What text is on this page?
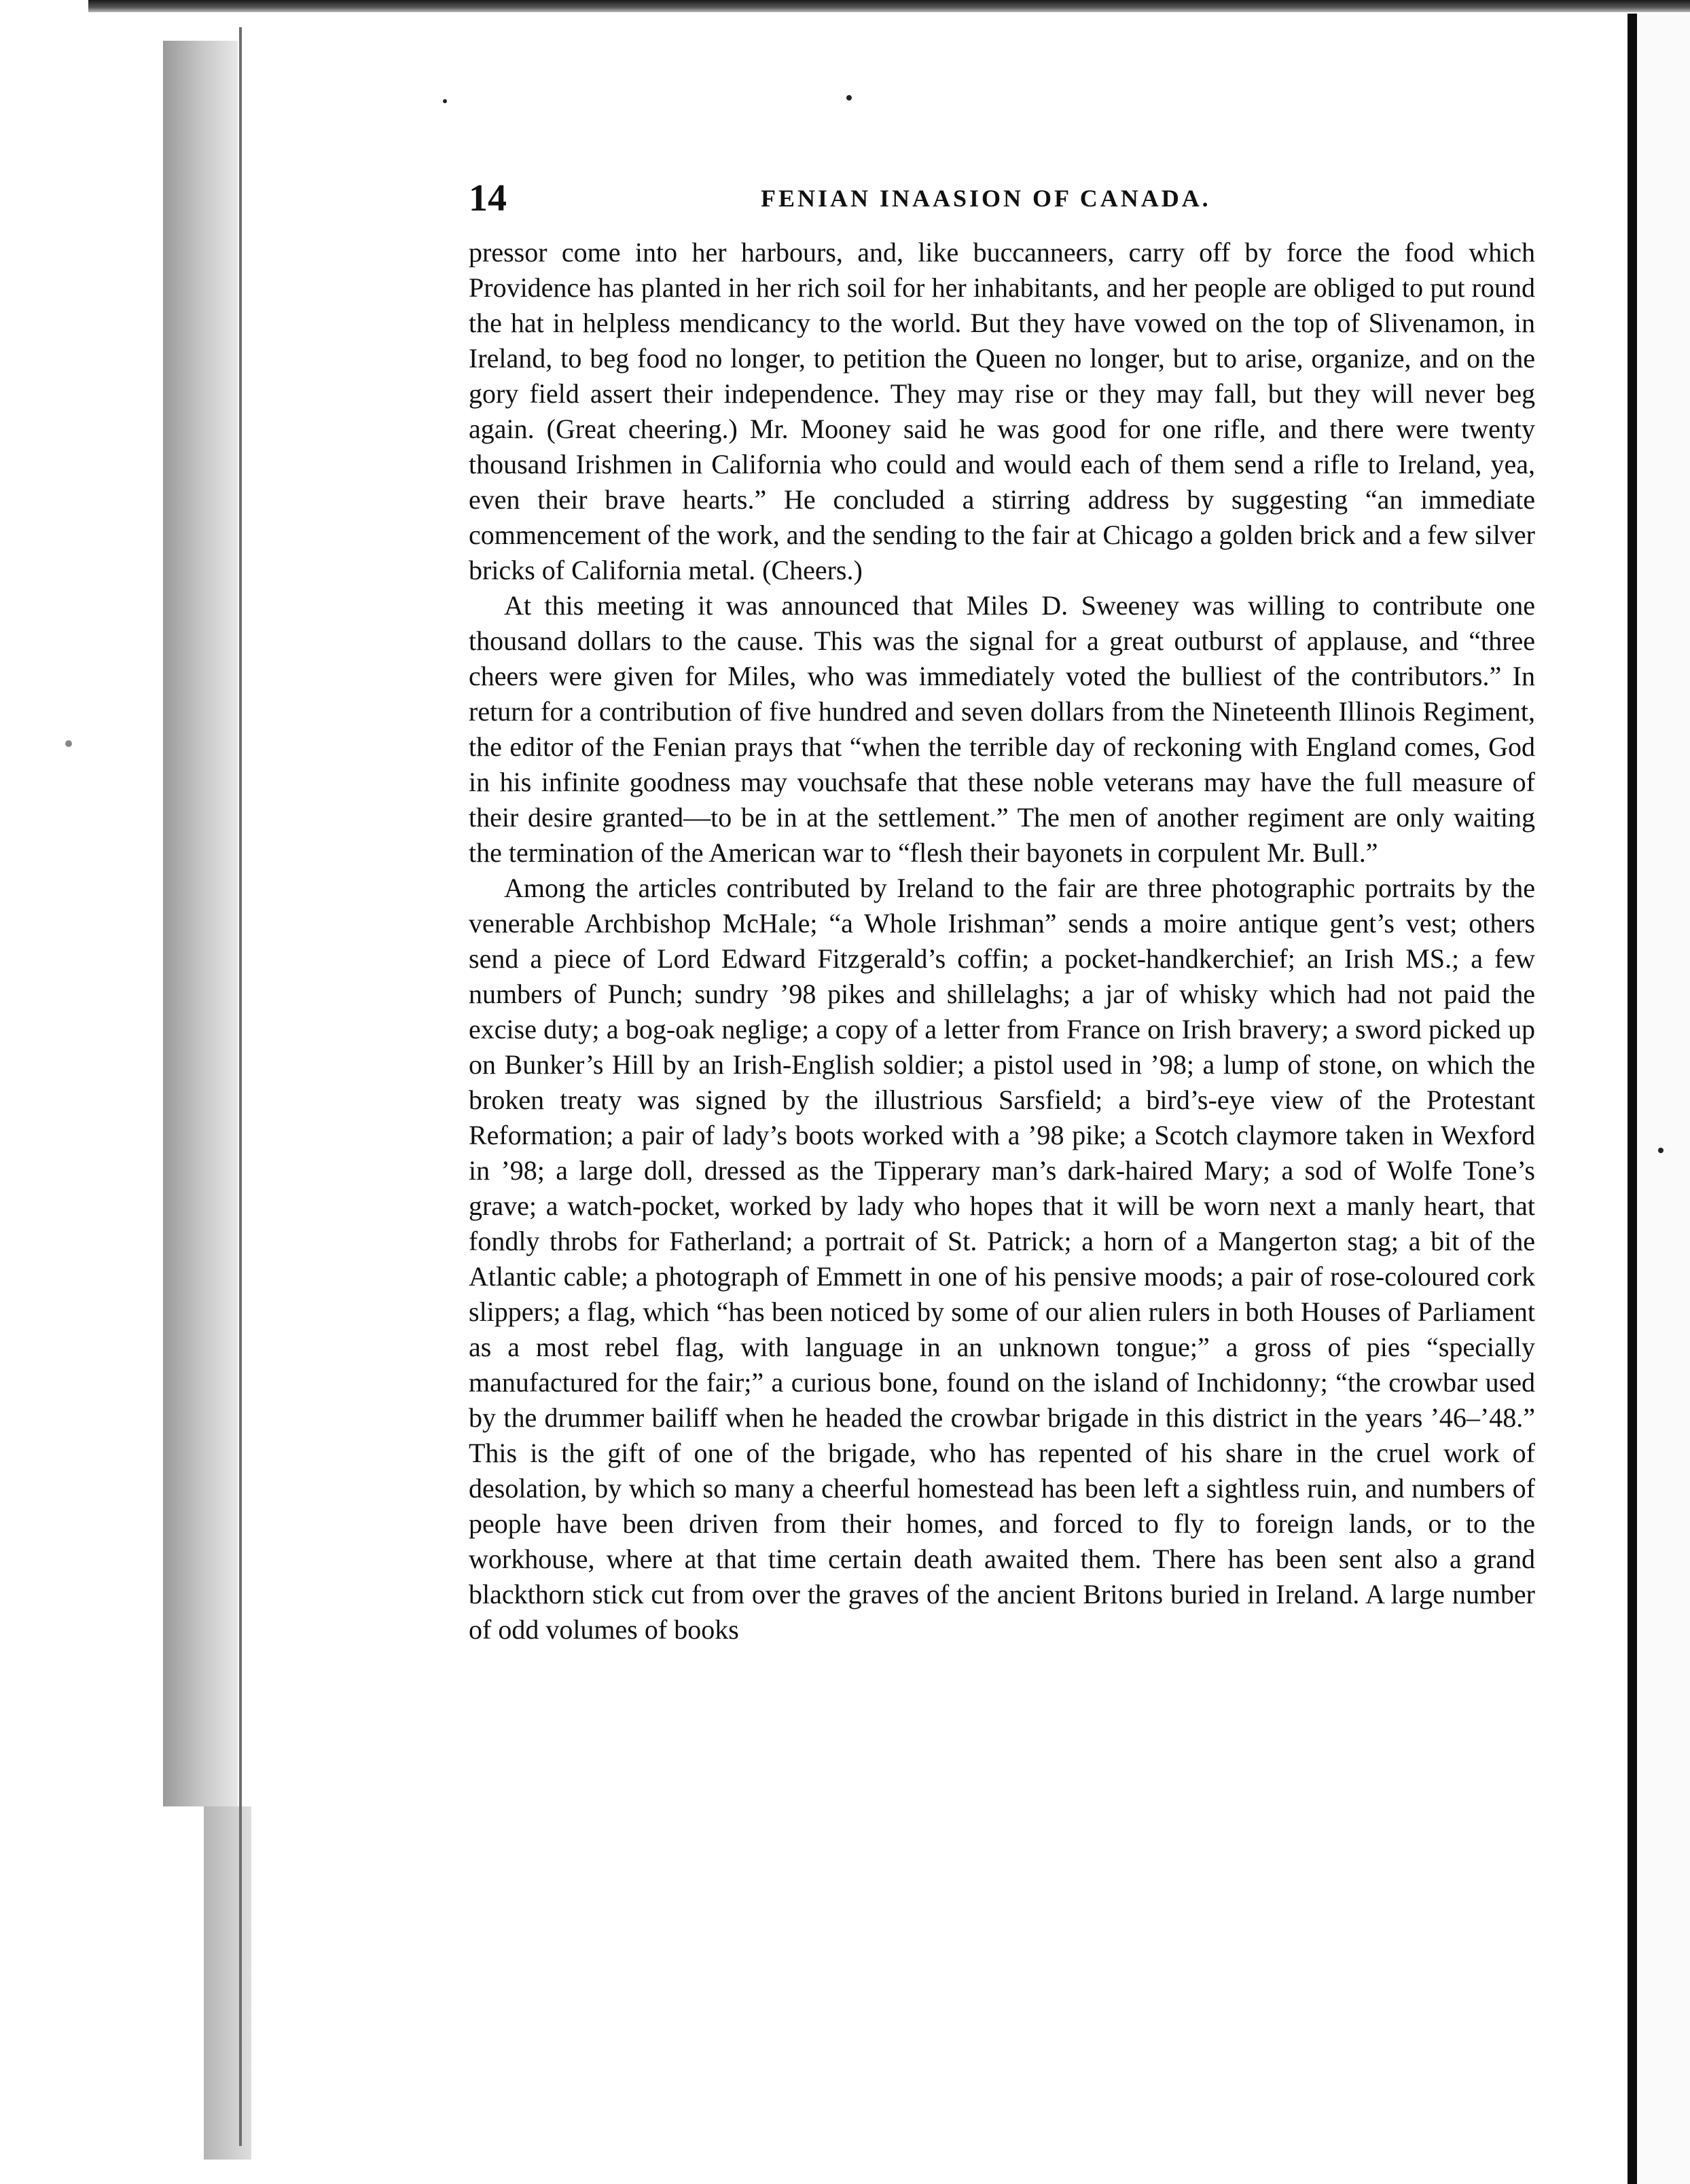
14	FENIAN INAASION OF CANADA.

pressor come into her harbours, and, like buccanneers, carry off by force the food which Providence has planted in her rich soil for her inhabitants, and her people are obliged to put round the hat in helpless mendicancy to the world. But they have vowed on the top of Slivenamon, in Ireland, to beg food no longer, to petition the Queen no longer, but to arise, organize, and on the gory field assert their independence. They may rise or they may fall, but they will never beg again. (Great cheering.) Mr. Mooney said he was good for one rifle, and there were twenty thousand Irishmen in California who could and would each of them send a rifle to Ireland, yea, even their brave hearts.” He concluded a stirring address by suggesting “an immediate commencement of the work, and the sending to the fair at Chicago a golden brick and a few silver bricks of California metal. (Cheers.)

At this meeting it was announced that Miles D. Sweeney was willing to contribute one thousand dollars to the cause. This was the signal for a great outburst of applause, and “three cheers were given for Miles, who was immediately voted the bulliest of the contributors.” In return for a contribution of five hundred and seven dollars from the Nineteenth Illinois Regiment, the editor of the Fenian prays that “when the terrible day of reckoning with England comes, God in his infinite goodness may vouchsafe that these noble veterans may have the full measure of their desire granted—to be in at the settlement.” The men of another regiment are only waiting the termination of the American war to “flesh their bayonets in corpulent Mr. Bull.”

Among the articles contributed by Ireland to the fair are three photographic portraits by the venerable Archbishop McHale; “a Whole Irishman” sends a moire antique gent’s vest; others send a piece of Lord Edward Fitzgerald’s coffin; a pocket-handkerchief; an Irish MS.; a few numbers of Punch; sundry ’98 pikes and shillelaghs; a jar of whisky which had not paid the excise duty; a bog-oak neglige; a copy of a letter from France on Irish bravery; a sword picked up on Bunker’s Hill by an Irish-English soldier; a pistol used in ’98; a lump of stone, on which the broken treaty was signed by the illustrious Sarsfield; a bird’s-eye view of the Protestant Reformation; a pair of lady’s boots worked with a ’98 pike; a Scotch claymore taken in Wexford in ’98; a large doll, dressed as the Tipperary man’s dark-haired Mary; a sod of Wolfe Tone’s grave; a watch-pocket, worked by lady who hopes that it will be worn next a manly heart, that fondly throbs for Fatherland; a portrait of St. Patrick; a horn of a Mangerton stag; a bit of the Atlantic cable; a photograph of Emmett in one of his pensive moods; a pair of rose-coloured cork slippers; a flag, which “has been noticed by some of our alien rulers in both Houses of Parliament as a most rebel flag, with language in an unknown tongue;” a gross of pies “specially manufactured for the fair;” a curious bone, found on the island of Inchidonny; “the crowbar used by the drummer bailiff when he headed the crowbar brigade in this district in the years ’46–’48.” This is the gift of one of the brigade, who has repented of his share in the cruel work of desolation, by which so many a cheerful homestead has been left a sightless ruin, and numbers of people have been driven from their homes, and forced to fly to foreign lands, or to the workhouse, where at that time certain death awaited them. There has been sent also a grand blackthorn stick cut from over the graves of the ancient Britons buried in Ireland. A large number of odd volumes of books
